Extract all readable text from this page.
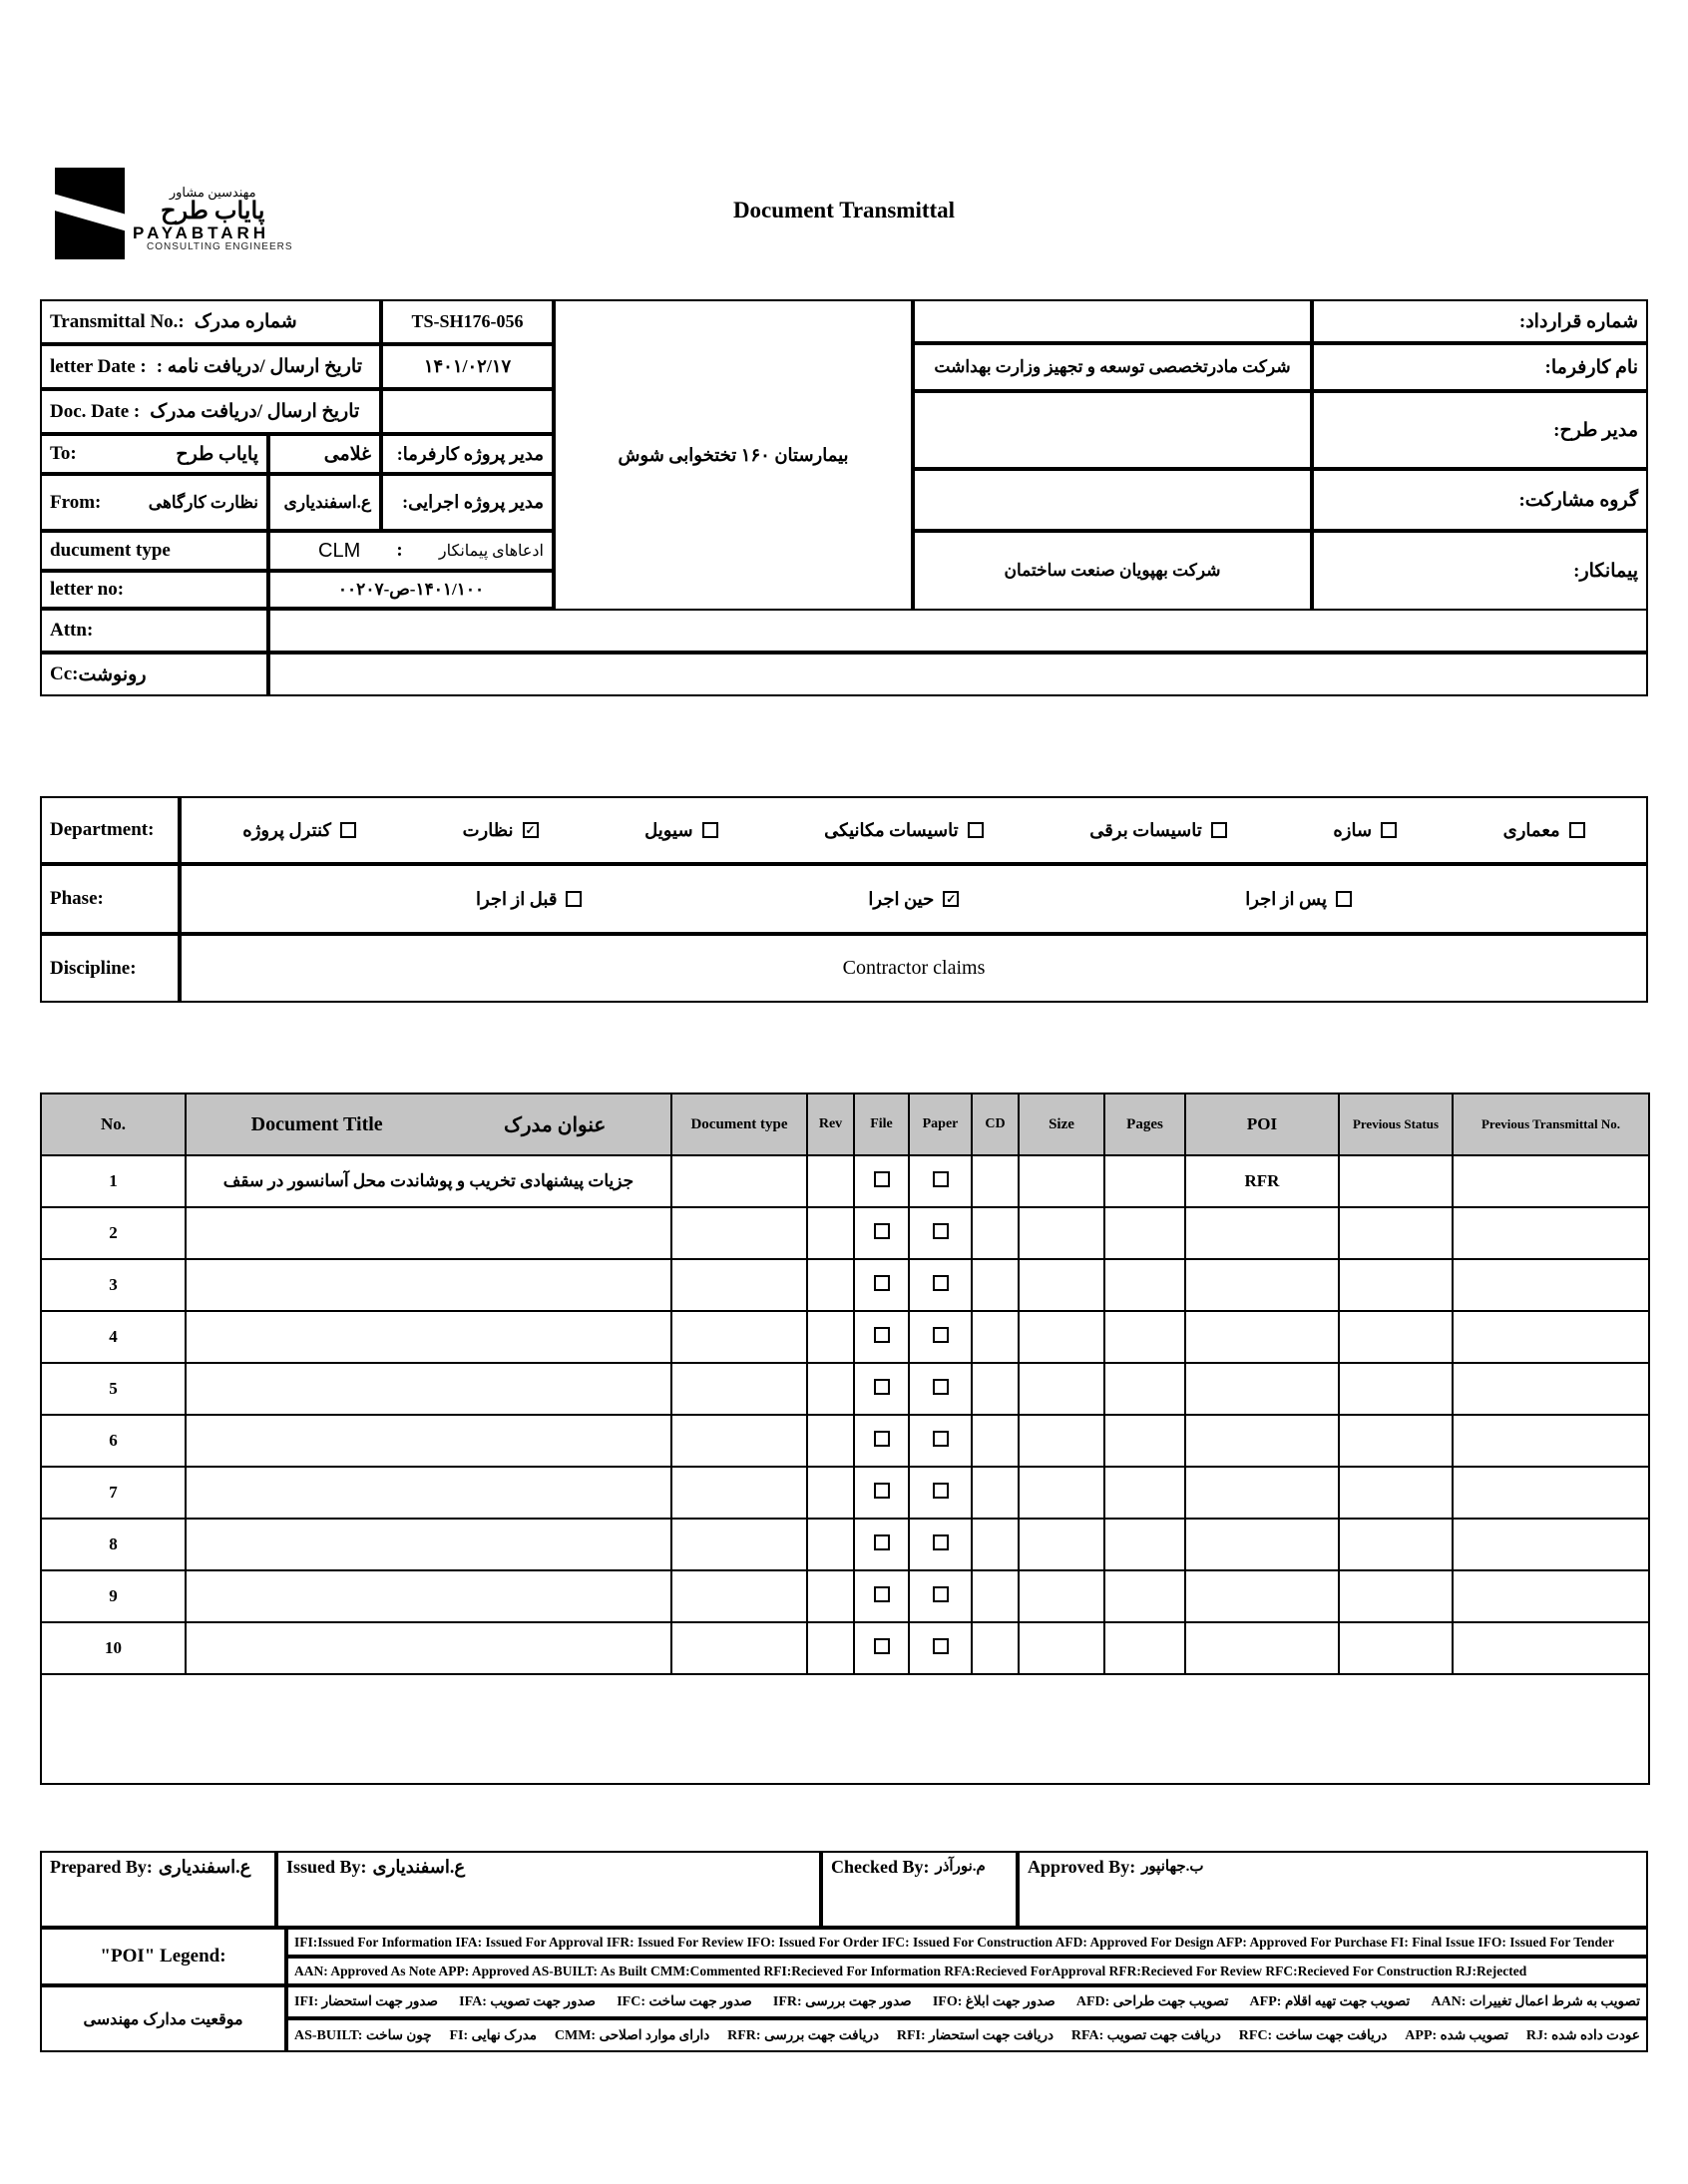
مهندسین مشاور
پایاب طرح
PAYABTARH
CONSULTING ENGINEERS
Document Transmittal
Transmittal No.: شماره مدرک	TS-SH176-056
letter Date : تاریخ ارسال /دریافت نامه :	۱۴۰۱/۰۲/۱۷
Doc. Date : تاریخ ارسال /دریافت مدرک
To:	پایاب طرح	غلامی	مدیر پروژه کارفرما:
From:	نظارت کارگاهی	ع.اسفندیاری	مدیر پروژه اجرایی:
ducument type	CLM : ادعاهای پیمانکار
letter no:	۱۴۰۱/۱۰۰-ص-۰۰۲۰۷
Attn:
Cc: رونوشت
بیمارستان ۱۶۰ تختخوابی شوش
شماره قرارداد:
شرکت مادرتخصصی توسعه و تجهیز وزارت بهداشت	نام کارفرما:
مدیر طرح:
گروه مشارکت:
شرکت بهپویان صنعت ساختمان	پیمانکار:
Department:	معماری
سازه
تاسیسات برقی
تاسیسات مکانیکی
سیویل
نظارت ✓
کنترل پروژه
Phase:	پس از اجرا
حین اجرا ✓
قبل از اجرا
Discipline:	Contractor claims
No.	Document Title عنوان مدرک	Document type	Rev	File	Paper	CD	Size	Pages	POI	Previous Status	Previous Transmittal No.
1	جزیات پیشنهادی تخریب و پوشاندت محل آسانسور در سقف								RFR		
2											
3											
4											
5											
6											
7											
8											
9											
10											

Prepared By: ع.اسفندیاری Issued By: ع.اسفندیاری	Checked By: م.نورآذر Approved By: ب.جهانپور
"POI" Legend:
IFI:Issued For Information IFA: Issued For Approval IFR: Issued For Review IFO: Issued For Order IFC: Issued For Construction AFD: Approved For Design AFP: Approved For Purchase FI: Final Issue IFO: Issued For Tender
AAN: Approved As Note APP: Approved AS-BUILT: As Built CMM:Commented RFI:Recieved For Information RFA:Recieved ForApproval RFR:Recieved For Review RFC:Recieved For Construction RJ:Rejected
موقعیت مدارک مهندسی
IFI: صدور جهت استحضار IFA: صدور جهت تصویب IFC: صدور جهت ساخت IFR: صدور جهت بررسی IFO: صدور جهت ابلاغ AFD: تصویب جهت طراحی AFP: تصویب جهت تهیه اقلام AAN: تصویب به شرط اعمال تغییرات
AS-BUILT: چون ساخت FI: مدرک نهایی CMM: دارای موارد اصلاحی RFR: دریافت جهت بررسی RFI: دریافت جهت استحضار RFA: دریافت جهت تصویب RFC: دریافت جهت ساخت APP: تصویب شده RJ: عودت داده شده
